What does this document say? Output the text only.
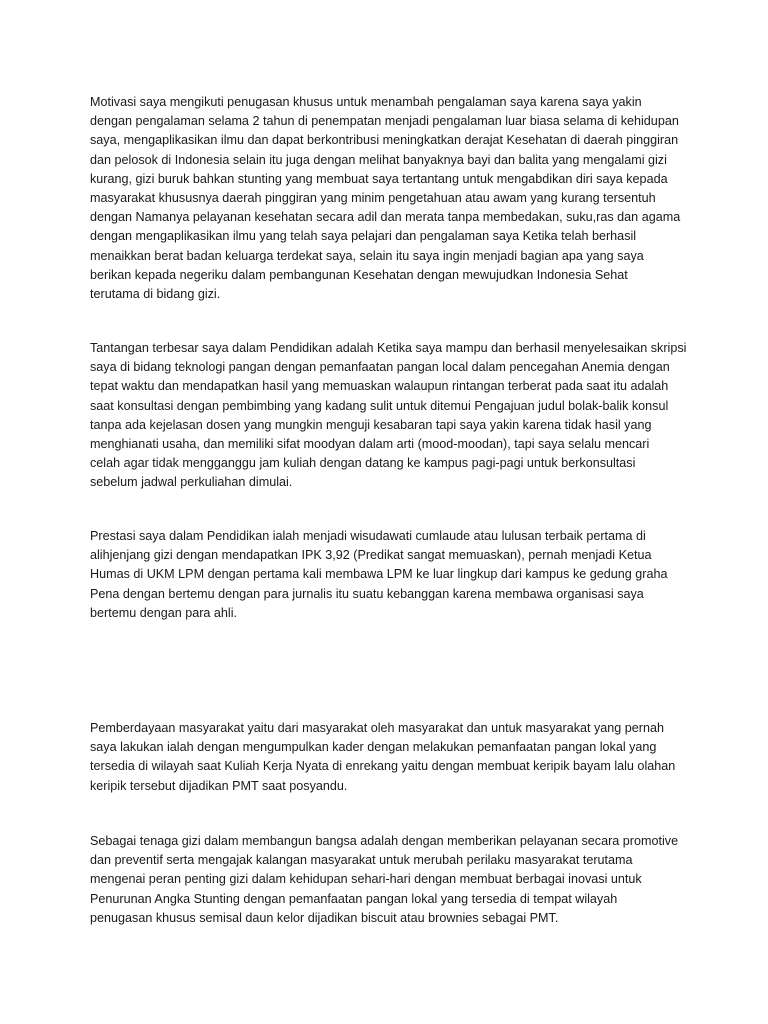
Motivasi saya mengikuti penugasan khusus untuk menambah pengalaman saya karena saya yakin
dengan pengalaman selama 2 tahun di penempatan menjadi pengalaman luar biasa selama di kehidupan
saya, mengaplikasikan ilmu dan dapat berkontribusi meningkatkan derajat Kesehatan di daerah pinggiran
dan pelosok di Indonesia selain itu juga dengan melihat banyaknya bayi dan balita yang mengalami gizi
kurang, gizi buruk bahkan stunting yang membuat saya tertantang untuk mengabdikan diri saya kepada
masyarakat khususnya daerah pinggiran yang minim pengetahuan atau awam yang kurang tersentuh
dengan Namanya pelayanan kesehatan secara adil dan merata tanpa membedakan, suku,ras dan agama
dengan mengaplikasikan ilmu yang telah saya pelajari dan pengalaman saya Ketika telah berhasil
menaikkan berat badan keluarga terdekat saya, selain itu saya ingin menjadi bagian apa yang saya
berikan kepada negeriku dalam pembangunan Kesehatan dengan mewujudkan Indonesia Sehat
terutama di bidang gizi.

Tantangan terbesar saya dalam Pendidikan adalah Ketika saya mampu dan berhasil menyelesaikan skripsi
saya di bidang teknologi pangan dengan pemanfaatan pangan local dalam pencegahan Anemia dengan
tepat waktu dan mendapatkan hasil yang memuaskan walaupun rintangan terberat pada saat itu adalah
saat konsultasi dengan pembimbing yang kadang sulit untuk ditemui Pengajuan judul bolak-balik konsul
tanpa ada kejelasan dosen yang mungkin menguji kesabaran tapi saya yakin karena tidak hasil yang
menghianati usaha, dan memiliki sifat moodyan dalam arti (mood-moodan), tapi saya selalu mencari
celah agar tidak mengganggu jam kuliah dengan datang ke kampus pagi-pagi untuk berkonsultasi
sebelum jadwal perkuliahan dimulai.

Prestasi saya dalam Pendidikan ialah menjadi wisudawati cumlaude atau lulusan terbaik pertama di
alihjenjang gizi dengan mendapatkan IPK 3,92 (Predikat sangat memuaskan), pernah menjadi Ketua
Humas di UKM LPM dengan pertama kali membawa LPM ke luar lingkup dari kampus ke gedung graha
Pena dengan bertemu dengan para jurnalis itu suatu kebanggan karena membawa organisasi saya
bertemu dengan para ahli.

Pemberdayaan masyarakat yaitu dari masyarakat oleh masyarakat dan untuk masyarakat yang pernah
saya lakukan ialah dengan mengumpulkan kader dengan melakukan pemanfaatan pangan lokal yang
tersedia di wilayah saat Kuliah Kerja Nyata di enrekang yaitu dengan membuat keripik bayam lalu olahan
keripik tersebut dijadikan PMT saat posyandu.

Sebagai tenaga gizi dalam membangun bangsa adalah dengan memberikan pelayanan secara promotive
dan preventif serta mengajak kalangan masyarakat untuk merubah perilaku masyarakat terutama
mengenai peran penting gizi dalam kehidupan sehari-hari dengan membuat berbagai inovasi untuk
Penurunan Angka Stunting dengan pemanfaatan pangan lokal yang tersedia di tempat wilayah
penugasan khusus semisal daun kelor dijadikan biscuit atau brownies sebagai PMT.
